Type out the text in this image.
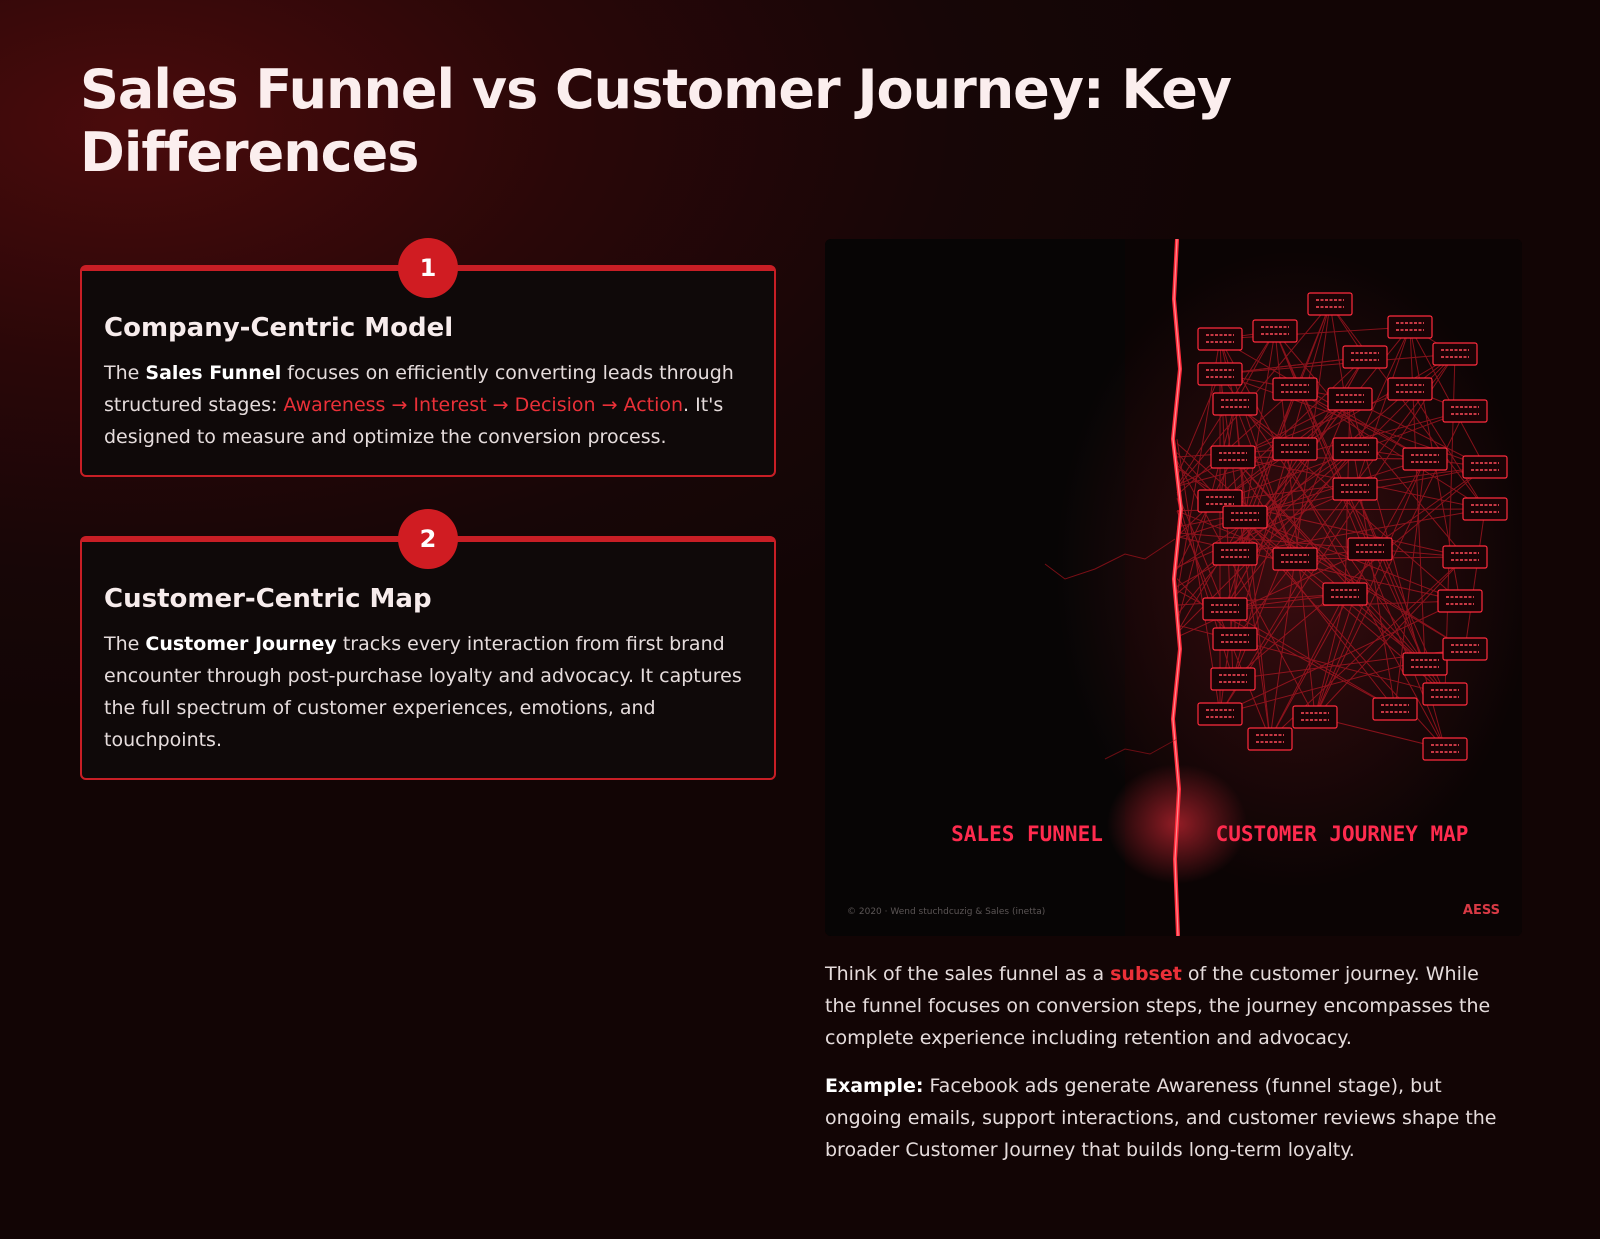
Sales Funnel vs Customer Journey: Key Differences
1
Company-Centric Model

The Sales Funnel focuses on efficiently converting leads through structured stages: Awareness → Interest → Decision → Action. It's designed to measure and optimize the conversion process.

2
Customer-Centric Map

The Customer Journey tracks every interaction from first brand encounter through post-purchase loyalty and advocacy. It captures the full spectrum of customer experiences, emotions, and touchpoints.

SALES FUNNEL	CUSTOMER JOURNEY MAP
© 2020 · Wend stuchdcuzig & Sales (inetta)	AESS

Think of the sales funnel as a subset of the customer journey. While the funnel focuses on conversion steps, the journey encompasses the complete experience including retention and advocacy.

Example: Facebook ads generate Awareness (funnel stage), but ongoing emails, support interactions, and customer reviews shape the broader Customer Journey that builds long-term loyalty.
